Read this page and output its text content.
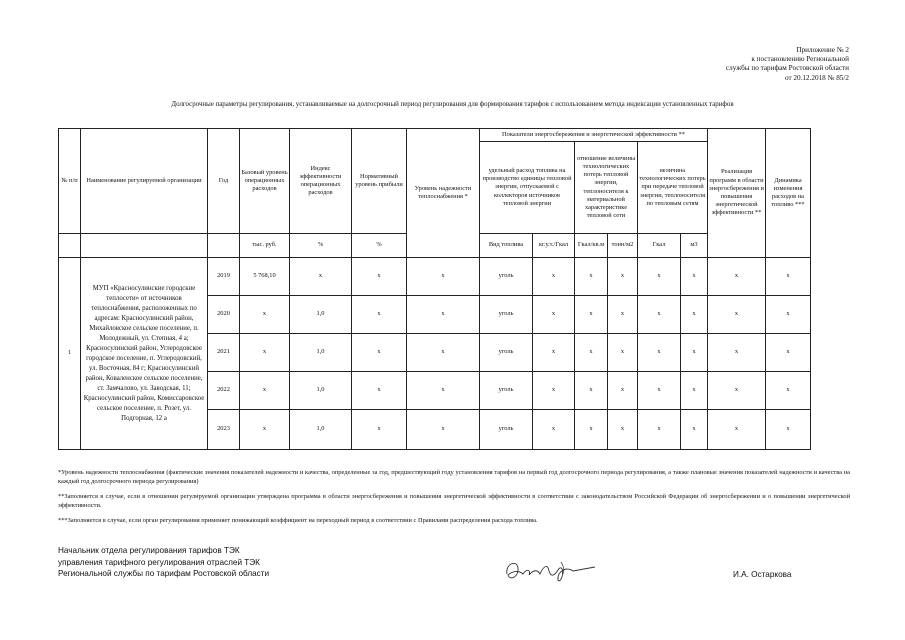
Приложение № 2
к постановлению Региональной
службы по тарифам Ростовской области
от 20.12.2018 № 85/2
Долгосрочные параметры регулирования, устанавливаемые на долгосрочный период регулирования для формирования тарифов с использованием метода индексации установленных тарифов
№ п/п	Наименование регулируемой организации	Год	Базовый уровень операционных расходов	Индекс эффективности операционных расходов	Нормативный уровень прибыли	Уровень надежности теплоснабжения *	Показатели энергосбережения и энергетической эффективности **						Реализация программ в области энергосбережения и повышения энергетической эффективности **	Динамика изменения расходов на топливо ***
							удельный расход топлива на производство единицы тепловой энергии, отпускаемой с коллекторов источников тепловой энергии		отношение величины технологических потерь тепловой энергии, теплоносителя к материальной характеристике тепловой сети		величина технологических потерь при передаче тепловой энергии, теплоносителя по тепловым сетям			
			тыс. руб.	%	%		Вид топлива	кг.у.т./Гкал	Гкал/кв.м	тонн/м2	Гкал	м3		
1	МУП «Красносулинские городские теплосети» от источников теплоснабжения, расположенных по адресам: Красносулинский район, Михайловское сельское поселение, п. Молодежный, ул. Степная, 4 а; Красносулинский район, Углеродовское городское поселение, п. Углеродовский, ул. Восточная, 84 г; Красносулинский район, Коваленское сельское поселение, ст. Замчалово, ул. Заводская, 11; Красносулинский район, Комиссаровское сельское поселение, п. Розет, ул. Подгорная, 12 а	2019	5 768,10	х	х	х	уголь	х	х	х	х	х	х	х
		2020	х	1,0	х	х	уголь	х	х	х	х	х	х	х
		2021	х	1,0	х	х	уголь	х	х	х	х	х	х	х
		2022	х	1,0	х	х	уголь	х	х	х	х	х	х	х
		2023	х	1,0	х	х	уголь	х	х	х	х	х	х	х

*Уровень надежности теплоснабжения (фактические значения показателей надежности и качества, определенные за год, предшествующий году установления тарифов на первый год долгосрочного периода регулирования, а также плановые значения показателей надежности и качества на каждый год долгосрочного периода регулирования)

**Заполняется в случае, если в отношении регулируемой организации утверждена программа в области энергосбережения и повышения энергетической эффективности в соответствии с законодательством Российской Федерации об энергосбережении и о повышении энергетической эффективности.

***Заполняется в случае, если орган регулирования применяет понижающий коэффициент на переходный период в соответствии с Правилами распределения расхода топлива.

Начальник отдела регулирования тарифов ТЭК
управления тарифного регулирования отраслей ТЭК
Региональной службы по тарифам Ростовской области	И.А. Остаркова
